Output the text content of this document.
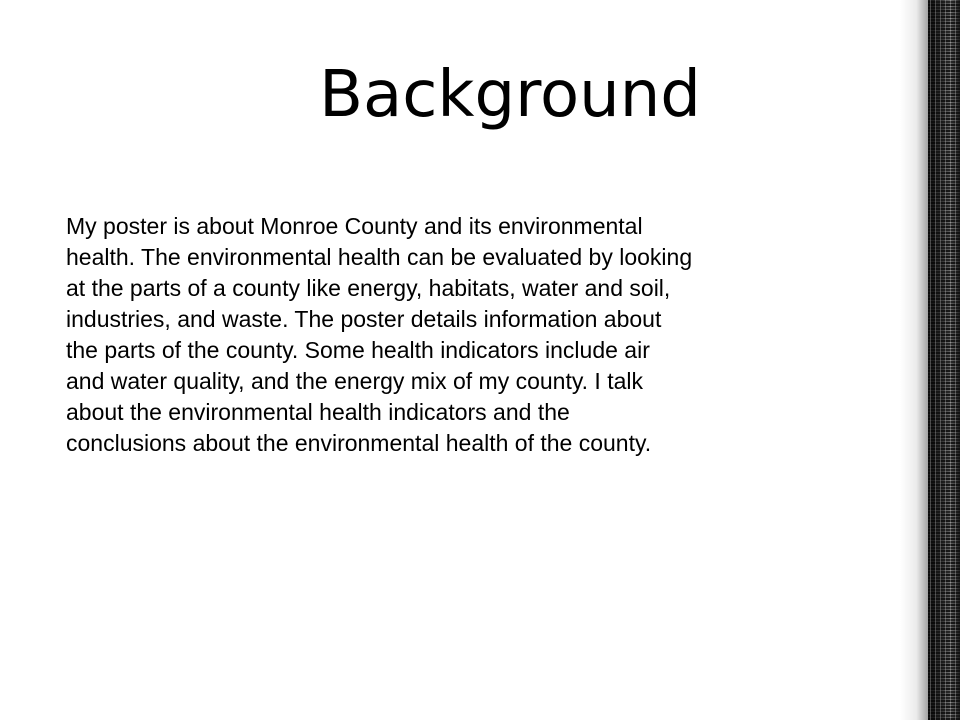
Background
My poster is about Monroe County and its environmental
health. The environmental health can be evaluated by looking
at the parts of a county like energy, habitats, water and soil,
industries, and waste. The poster details information about
the parts of the county. Some health indicators include air
and water quality, and the energy mix of my county. I talk
about the environmental health indicators and the
conclusions about the environmental health of the county.
